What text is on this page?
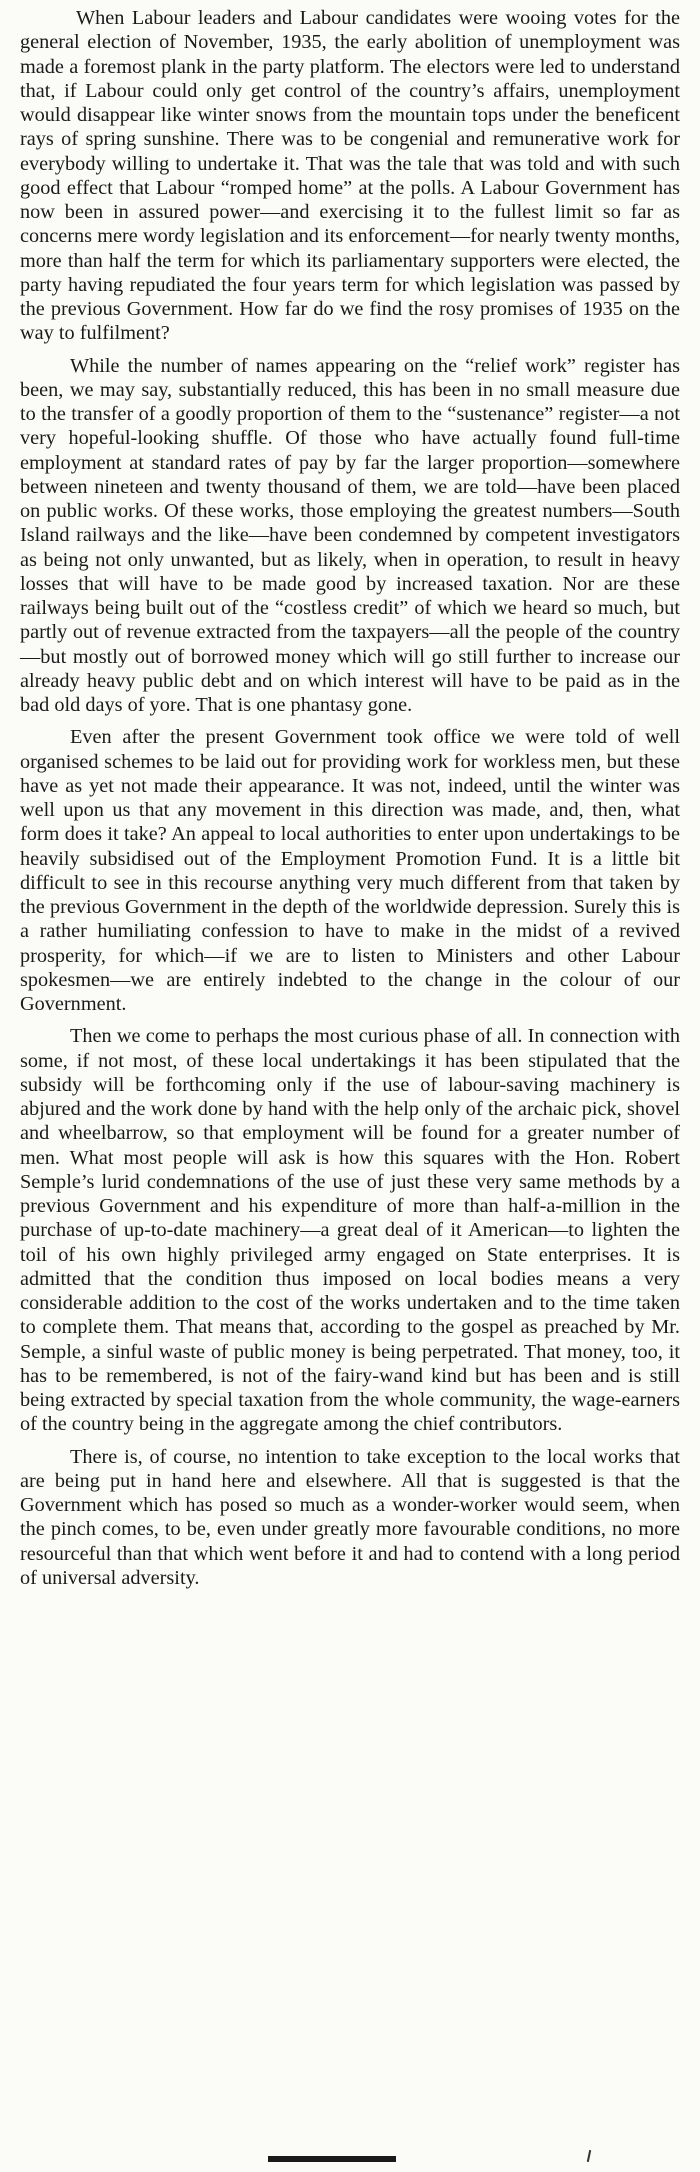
When Labour leaders and Labour candidates were wooing votes for the general election of November, 1935, the early abolition of unemployment was made a foremost plank in the party platform. The electors were led to understand that, if Labour could only get control of the country’s affairs, unemployment would disappear like winter snows from the mountain tops under the beneficent rays of spring sunshine. There was to be congenial and remunerative work for everybody willing to undertake it. That was the tale that was told and with such good effect that Labour “romped home” at the polls. A Labour Government has now been in assured power—and exercising it to the fullest limit so far as concerns mere wordy legislation and its enforcement—for nearly twenty months, more than half the term for which its parliamentary supporters were elected, the party having repudiated the four years term for which legislation was passed by the previous Government. How far do we find the rosy promises of 1935 on the way to fulfilment?

While the number of names appearing on the “relief work” register has been, we may say, substantially reduced, this has been in no small measure due to the transfer of a goodly proportion of them to the “sustenance” register—a not very hopeful-looking shuffle. Of those who have actually found full-time employment at standard rates of pay by far the larger proportion—somewhere between nineteen and twenty thousand of them, we are told—have been placed on public works. Of these works, those employing the greatest numbers—South Island railways and the like—have been condemned by competent investigators as being not only unwanted, but as likely, when in operation, to result in heavy losses that will have to be made good by increased taxation. Nor are these railways being built out of the “costless credit” of which we heard so much, but partly out of revenue extracted from the taxpayers—all the people of the country—but mostly out of borrowed money which will go still further to increase our already heavy public debt and on which interest will have to be paid as in the bad old days of yore. That is one phantasy gone.

Even after the present Government took office we were told of well organised schemes to be laid out for providing work for workless men, but these have as yet not made their appearance. It was not, indeed, until the winter was well upon us that any movement in this direction was made, and, then, what form does it take? An appeal to local authorities to enter upon undertakings to be heavily subsidised out of the Employment Promotion Fund. It is a little bit difficult to see in this recourse anything very much different from that taken by the previous Government in the depth of the worldwide depression. Surely this is a rather humiliating confession to have to make in the midst of a revived prosperity, for which—if we are to listen to Ministers and other Labour spokesmen—we are entirely indebted to the change in the colour of our Government.

Then we come to perhaps the most curious phase of all. In connection with some, if not most, of these local undertakings it has been stipulated that the subsidy will be forthcoming only if the use of labour-saving machinery is abjured and the work done by hand with the help only of the archaic pick, shovel and wheelbarrow, so that employment will be found for a greater number of men. What most people will ask is how this squares with the Hon. Robert Semple’s lurid condemnations of the use of just these very same methods by a previous Government and his expenditure of more than half-a-million in the purchase of up-to-date machinery—a great deal of it American—to lighten the toil of his own highly privileged army engaged on State enterprises. It is admitted that the condition thus imposed on local bodies means a very considerable addition to the cost of the works undertaken and to the time taken to complete them. That means that, according to the gospel as preached by Mr. Semple, a sinful waste of public money is being perpetrated. That money, too, it has to be remembered, is not of the fairy-wand kind but has been and is still being extracted by special taxation from the whole community, the wage-earners of the country being in the aggregate among the chief contributors.

There is, of course, no intention to take exception to the local works that are being put in hand here and elsewhere. All that is suggested is that the Government which has posed so much as a wonder-worker would seem, when the pinch comes, to be, even under greatly more favourable conditions, no more resourceful than that which went before it and had to contend with a long period of universal adversity.
